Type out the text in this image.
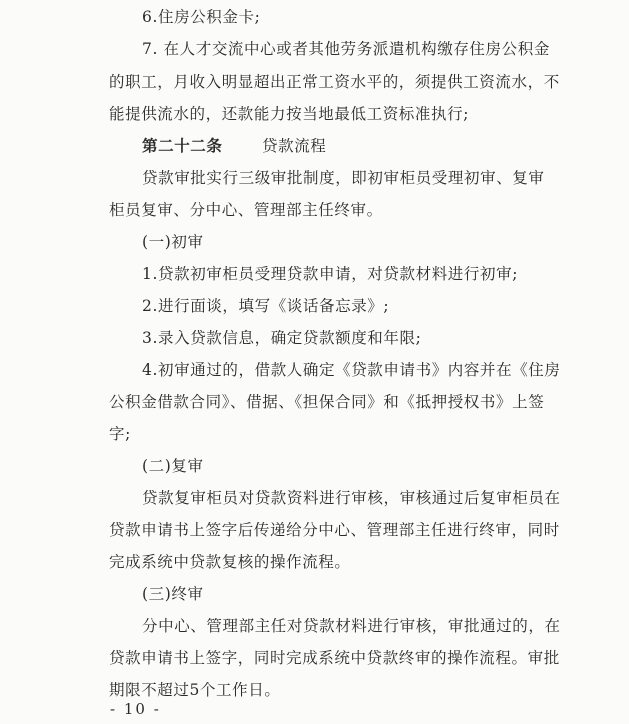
6.住房公积金卡;
7. 在人才交流中心或者其他劳务派遣机构缴存住房公积金
的职工，月收入明显超出正常工资水平的，须提供工资流水，不
能提供流水的，还款能力按当地最低工资标准执行;
第二十二条	贷款流程
贷款审批实行三级审批制度，即初审柜员受理初审、复审
柜员复审、分中心、管理部主任终审。
(一)初审
1.贷款初审柜员受理贷款申请，对贷款材料进行初审;
2.进行面谈，填写《谈话备忘录》;
3.录入贷款信息，确定贷款额度和年限;
4.初审通过的，借款人确定《贷款申请书》内容并在《住房
公积金借款合同》、借据、《担保合同》和《抵押授权书》上签
字;
(二)复审
贷款复审柜员对贷款资料进行审核，审核通过后复审柜员在
贷款申请书上签字后传递给分中心、管理部主任进行终审，同时
完成系统中贷款复核的操作流程。
(三)终审
分中心、管理部主任对贷款材料进行审核，审批通过的，在
贷款申请书上签字，同时完成系统中贷款终审的操作流程。审批
期限不超过5个工作日。
- 10 -
